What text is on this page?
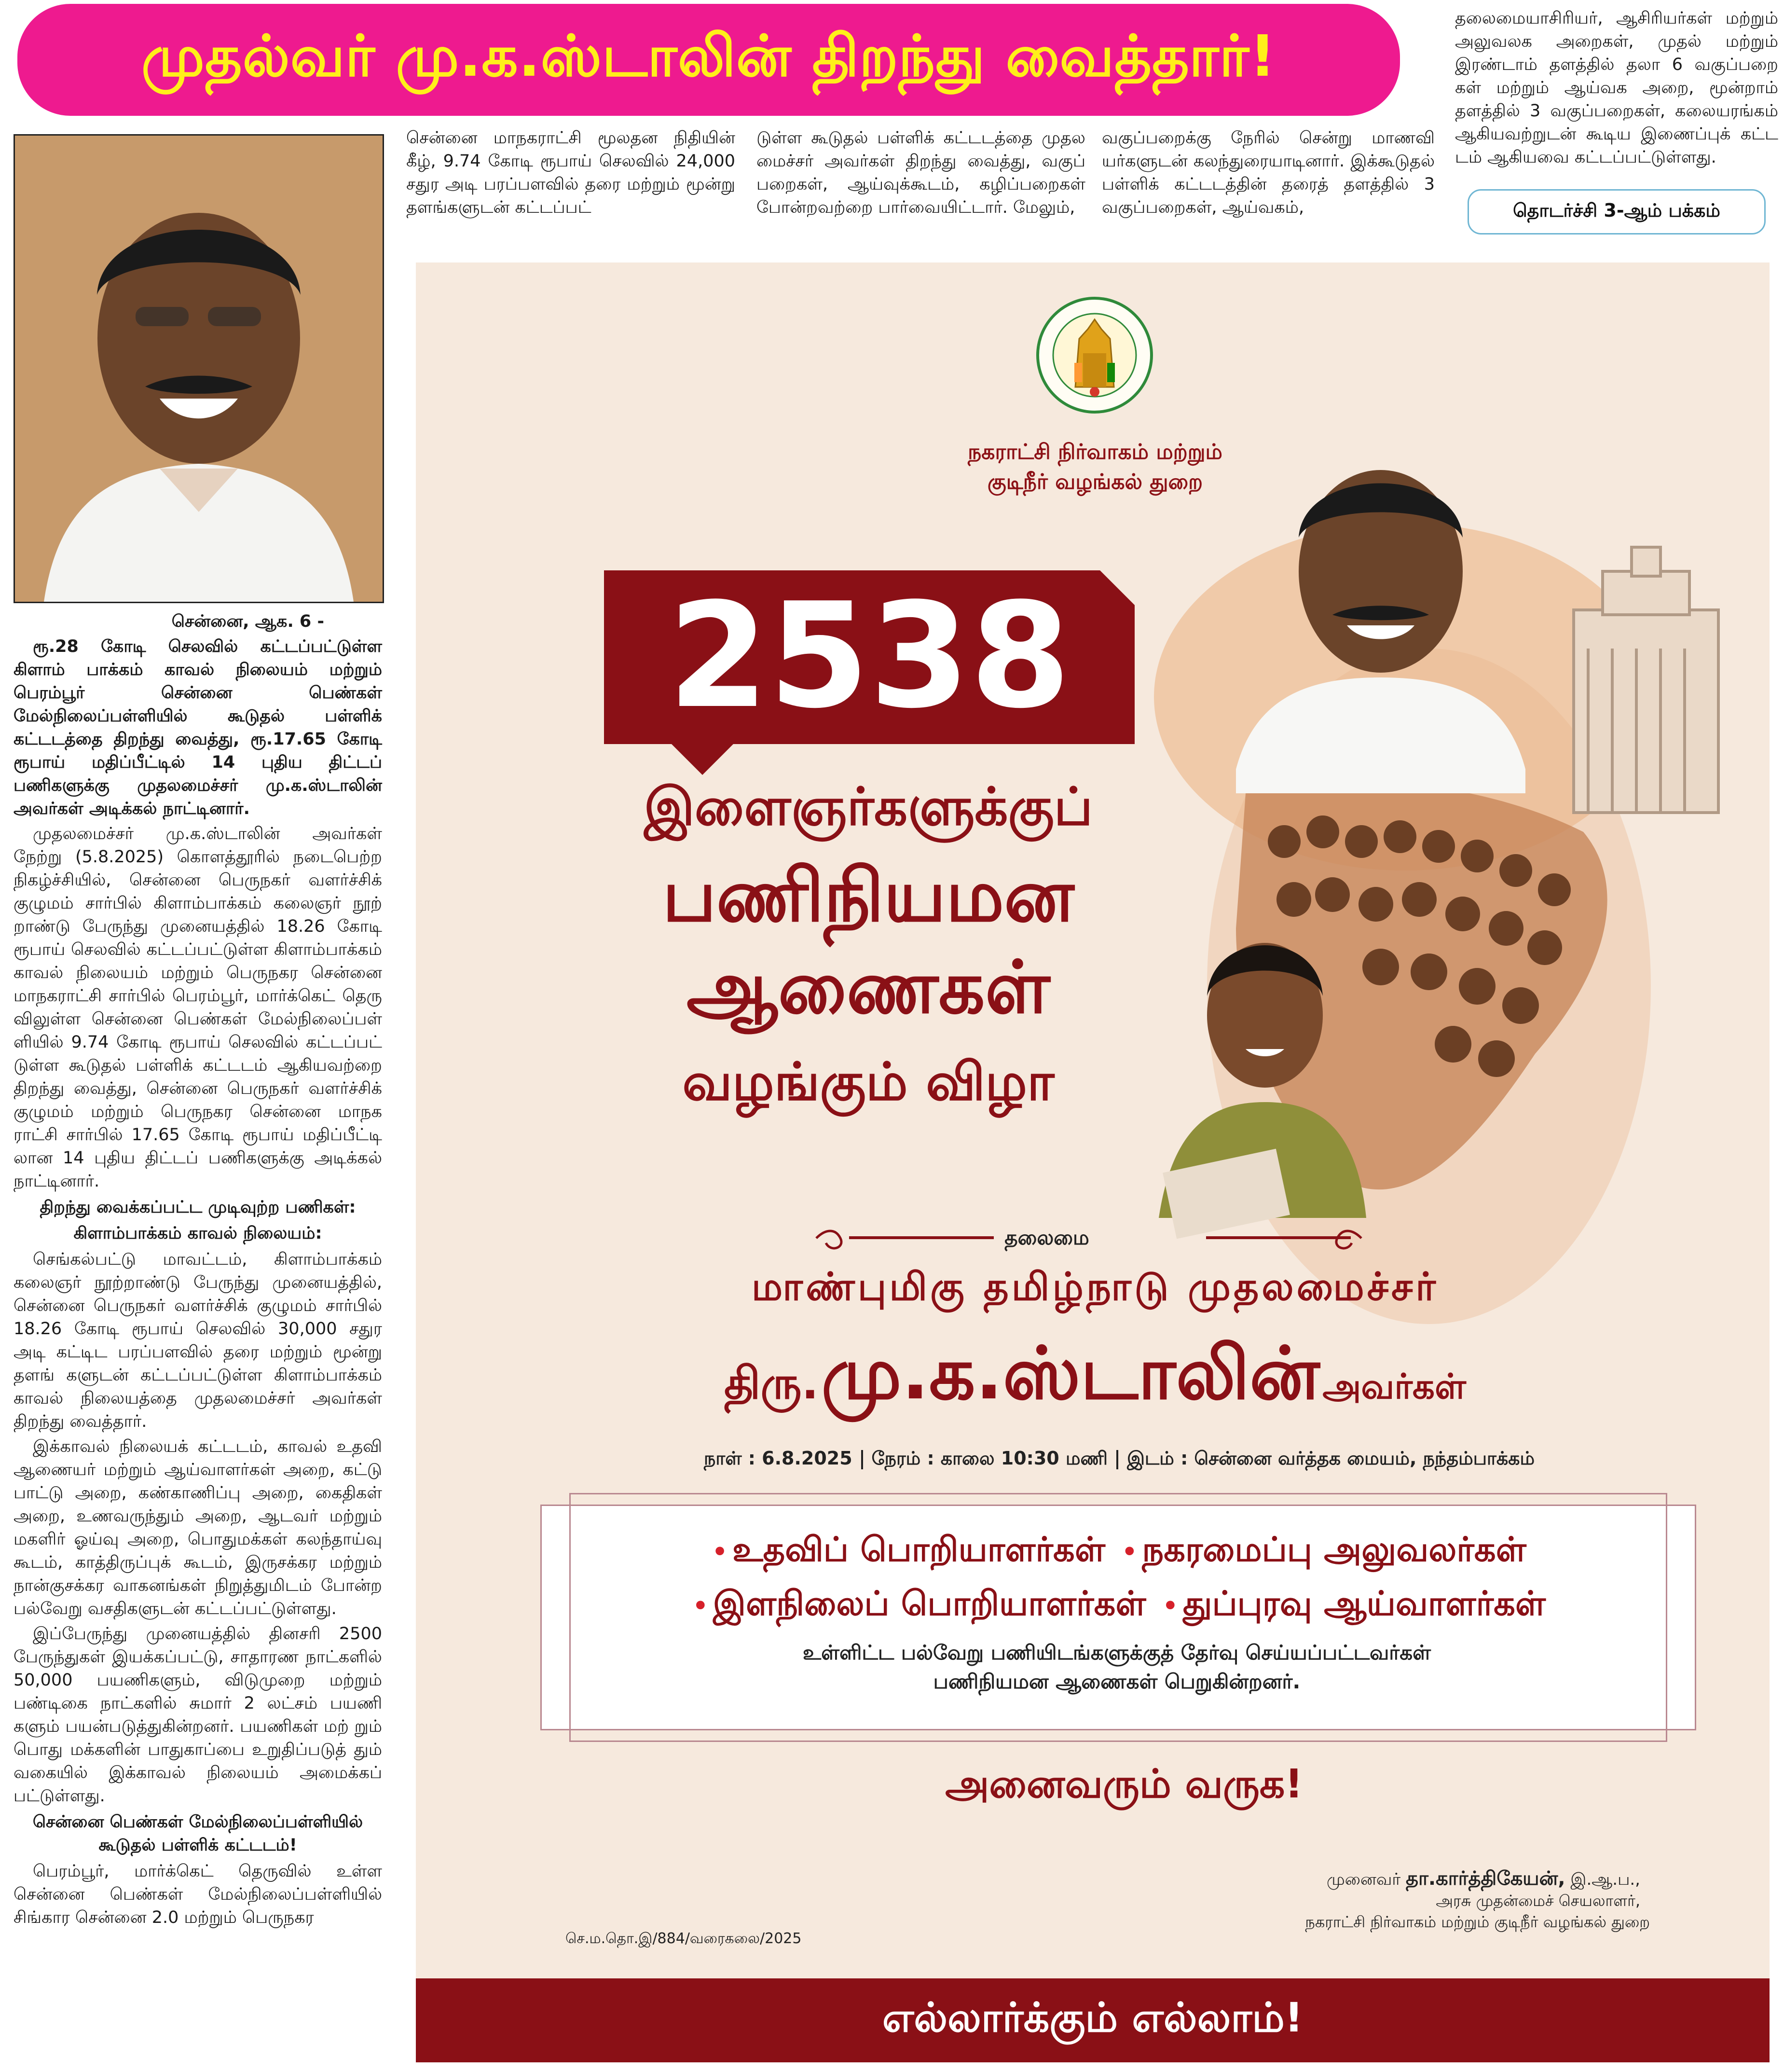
முதல்வர் மு.க.ஸ்டாலின் திறந்து வைத்தார்!

தலைமையாசிரியர், ஆசிரியர்கள் மற்றும் அலுவலக அறைகள், முதல் மற்றும் இரண்டாம் தளத்தில் தலா 6 வகுப்பறை கள் மற்றும் ஆய்வக அறை, மூன்றாம் தளத்தில் 3 வகுப்பறைகள், கலையரங்கம் ஆகியவற்றுடன் கூடிய இணைப்புக் கட்ட டம் ஆகியவை கட்டப்பட்டுள்ளது.

தொடர்ச்சி 3-ஆம் பக்கம்

சென்னை மாநகராட்சி மூலதன நிதியின் கீழ், 9.74 கோடி ரூபாய் செலவில் 24,000 சதுர அடி பரப்பளவில் தரை மற்றும் மூன்று தளங்களுடன் கட்டப்பட்

டுள்ள கூடுதல் பள்ளிக் கட்டடத்தை முதல மைச்சர் அவர்கள் திறந்து வைத்து, வகுப் பறைகள், ஆய்வுக்கூடம், கழிப்பறைகள் போன்றவற்றை பார்வையிட்டார். மேலும்,

வகுப்பறைக்கு நேரில் சென்று மாணவி யர்களுடன் கலந்துரையாடினார். இக்கூடுதல் பள்ளிக் கட்டடத்தின் தரைத் தளத்தில் 3 வகுப்பறைகள், ஆய்வகம்,

சென்னை, ஆக. 6 -

ரூ.28 கோடி செலவில் கட்டப்பட்டுள்ள கிளாம் பாக்கம் காவல் நிலையம் மற்றும் பெரம்பூர் சென்னை பெண்கள் மேல்நிலைப்பள்ளியில் கூடுதல் பள்ளிக் கட்டடத்தை திறந்து வைத்து, ரூ.17.65 கோடி ரூபாய் மதிப்பீட்டில் 14 புதிய திட்டப் பணிகளுக்கு முதலமைச்சர் மு.க.ஸ்டாலின் அவர்கள் அடிக்கல் நாட்டினார்.

முதலமைச்சர் மு.க.ஸ்டாலின் அவர்கள் நேற்று (5.8.2025) கொளத்தூரில் நடைபெற்ற நிகழ்ச்சியில், சென்னை பெருநகர் வளர்ச்சிக் குழுமம் சார்பில் கிளாம்பாக்கம் கலைஞர் நூற் றாண்டு பேருந்து முனையத்தில் 18.26 கோடி ரூபாய் செலவில் கட்டப்பட்டுள்ள கிளாம்பாக்கம் காவல் நிலையம் மற்றும் பெருநகர சென்னை மாநகராட்சி சார்பில் பெரம்பூர், மார்க்கெட் தெரு விலுள்ள சென்னை பெண்கள் மேல்நிலைப்பள் ளியில் 9.74 கோடி ரூபாய் செலவில் கட்டப்பட் டுள்ள கூடுதல் பள்ளிக் கட்டடம் ஆகியவற்றை திறந்து வைத்து, சென்னை பெருநகர் வளர்ச்சிக் குழுமம் மற்றும் பெருநகர சென்னை மாநக ராட்சி சார்பில் 17.65 கோடி ரூபாய் மதிப்பீட்டி லான 14 புதிய திட்டப் பணிகளுக்கு அடிக்கல் நாட்டினார்.

திறந்து வைக்கப்பட்ட முடிவுற்ற பணிகள்:

கிளாம்பாக்கம் காவல் நிலையம்:

செங்கல்பட்டு மாவட்டம், கிளாம்பாக்கம் கலைஞர் நூற்றாண்டு பேருந்து முனையத்தில், சென்னை பெருநகர் வளர்ச்சிக் குழுமம் சார்பில் 18.26 கோடி ரூபாய் செலவில் 30,000 சதுர அடி கட்டிட பரப்பளவில் தரை மற்றும் மூன்று தளங் களுடன் கட்டப்பட்டுள்ள கிளாம்பாக்கம் காவல் நிலையத்தை முதலமைச்சர் அவர்கள் திறந்து வைத்தார்.

இக்காவல் நிலையக் கட்டடம், காவல் உதவி ஆணையர் மற்றும் ஆய்வாளர்கள் அறை, கட்டு பாட்டு அறை, கண்காணிப்பு அறை, கைதிகள் அறை, உணவருந்தும் அறை, ஆடவர் மற்றும் மகளிர் ஓய்வு அறை, பொதுமக்கள் கலந்தாய்வு கூடம், காத்திருப்புக் கூடம், இருசக்கர மற்றும் நான்குசக்கர வாகனங்கள் நிறுத்துமிடம் போன்ற பல்வேறு வசதிகளுடன் கட்டப்பட்டுள்ளது.

இப்பேருந்து முனையத்தில் தினசரி 2500 பேருந்துகள் இயக்கப்பட்டு, சாதாரண நாட்களில் 50,000 பயணிகளும், விடுமுறை மற்றும் பண்டிகை நாட்களில் சுமார் 2 லட்சம் பயணி களும் பயன்படுத்துகின்றனர். பயணிகள் மற் றும் பொது மக்களின் பாதுகாப்பை உறுதிப்படுத் தும் வகையில் இக்காவல் நிலையம் அமைக்கப் பட்டுள்ளது.

சென்னை பெண்கள் மேல்நிலைப்பள்ளியில் கூடுதல் பள்ளிக் கட்டடம்!

பெரம்பூர், மார்க்கெட் தெருவில் உள்ள சென்னை பெண்கள் மேல்நிலைப்பள்ளியில் சிங்கார சென்னை 2.0 மற்றும் பெருநகர

நகராட்சி நிர்வாகம் மற்றும்
குடிநீர் வழங்கல் துறை
2538
இளைஞர்களுக்குப்
பணிநியமன
ஆணைகள்
வழங்கும் விழா
தலைமை
மாண்புமிகு தமிழ்நாடு முதலமைச்சர்
திரு. மு.க.ஸ்டாலின் அவர்கள்
நாள் : 6.8.2025 நேரம் : காலை 10:30 மணி இடம் : சென்னை வர்த்தக மையம், நந்தம்பாக்கம்
• உதவிப் பொறியாளர்கள் • நகரமைப்பு அலுவலர்கள்
• இளநிலைப் பொறியாளர்கள் • துப்புரவு ஆய்வாளர்கள்
உள்ளிட்ட பல்வேறு பணியிடங்களுக்குத் தேர்வு செய்யப்பட்டவர்கள்
பணிநியமன ஆணைகள் பெறுகின்றனர்.
அனைவரும் வருக!
முனைவர் தா.கார்த்திகேயன், இ.ஆ.ப.,
அரசு முதன்மைச் செயலாளர்,
நகராட்சி நிர்வாகம் மற்றும் குடிநீர் வழங்கல் துறை
செ.ம.தொ.இ/884/வரைகலை/2025
எல்லார்க்கும் எல்லாம்!
